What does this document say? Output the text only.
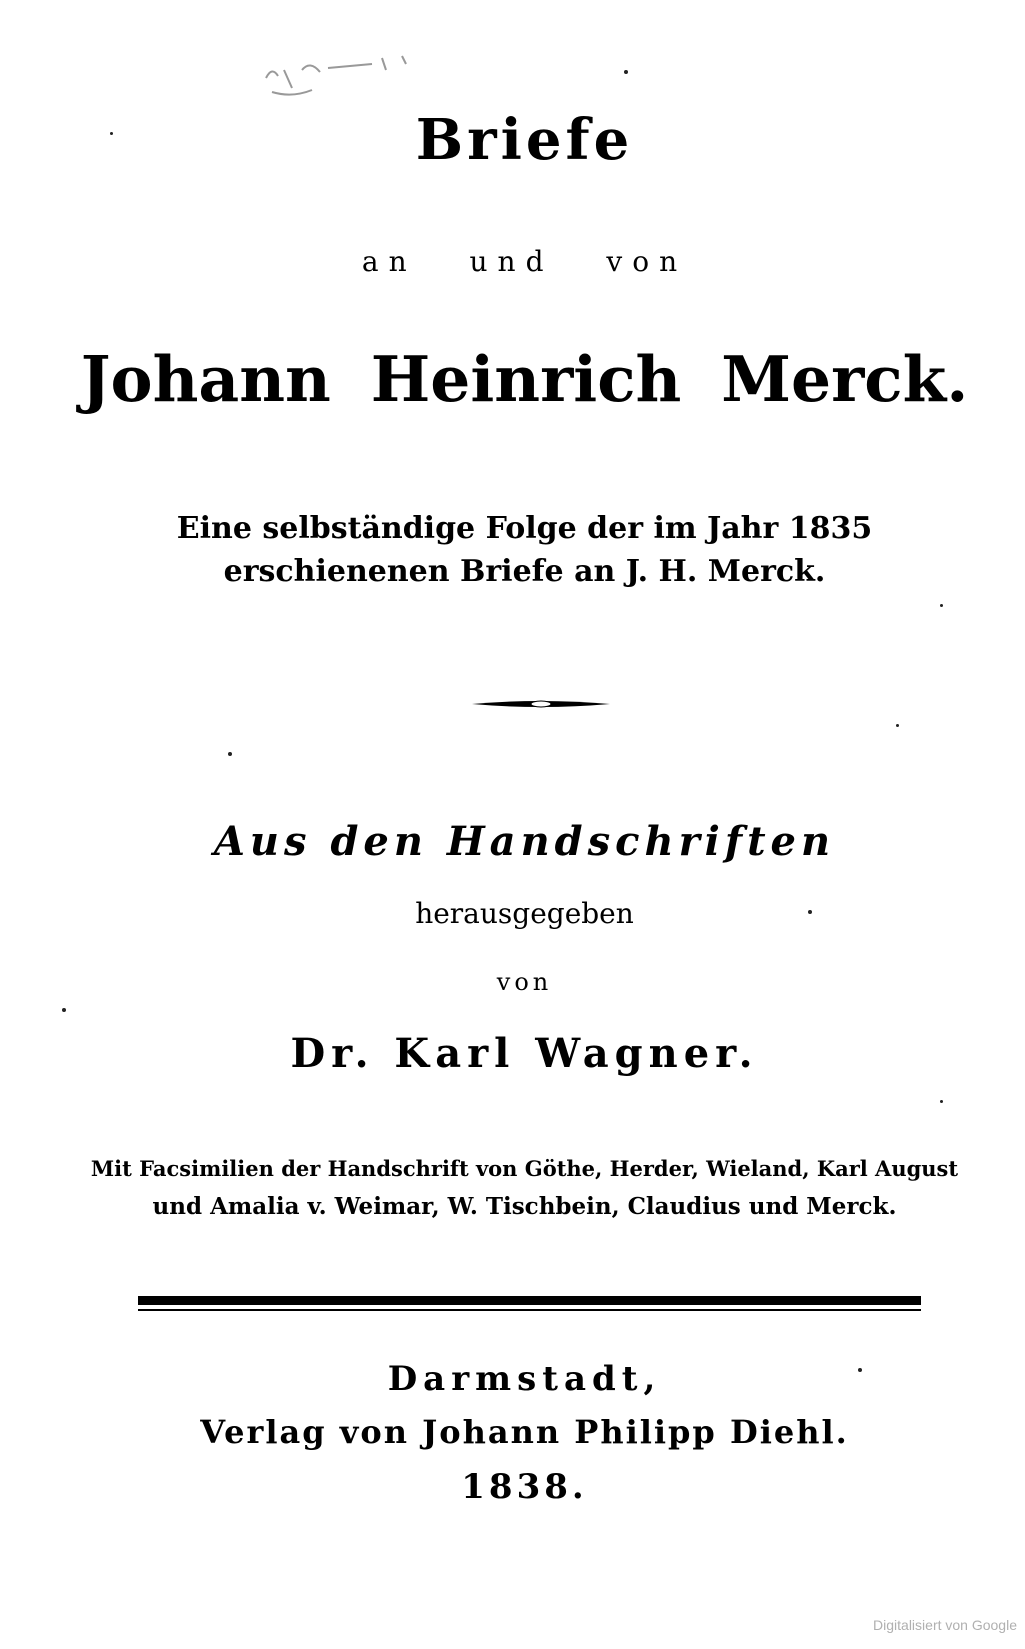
Briefe
an und von
Johann Heinrich Merck.
Eine selbständige Folge der im Jahr 1835
erschienenen Briefe an J. H. Merck.
Aus den Handschriften
herausgegeben
von
Dr. Karl Wagner.
Mit Facsimilien der Handschrift von Göthe, Herder, Wieland, Karl August
und Amalia v. Weimar, W. Tischbein, Claudius und Merck.
Darmstadt,
Verlag von Johann Philipp Diehl.
1838.
Digitalisiert von Google
